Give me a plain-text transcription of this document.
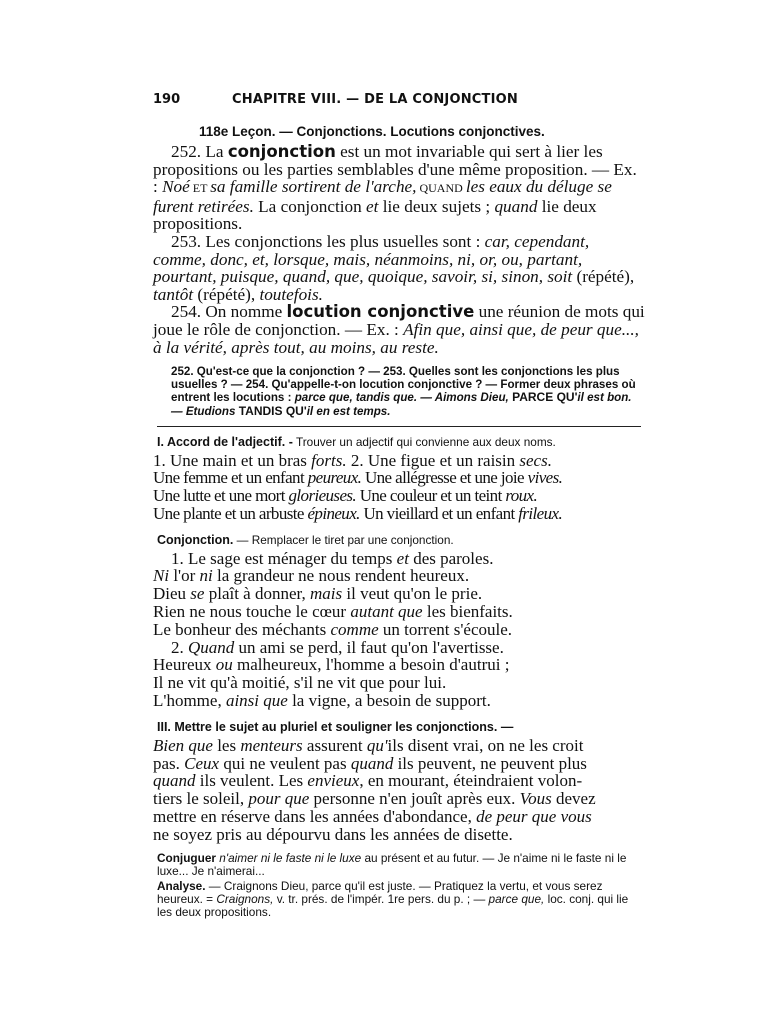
190	CHAPITRE VIII. — DE LA CONJONCTION
118e Leçon. — Conjonctions. Locutions conjonctives.

252. La conjonction est un mot invariable qui sert à lier les propositions ou les parties semblables d'une même proposition. — Ex. : Noé ET sa famille sortirent de l'arche, QUAND les eaux du déluge se furent retirées. La conjonction et lie deux sujets ; quand lie deux propositions.

253. Les conjonctions les plus usuelles sont : car, cependant, comme, donc, et, lorsque, mais, néanmoins, ni, or, ou, partant, pourtant, puisque, quand, que, quoique, savoir, si, sinon, soit (répété), tantôt (répété), toutefois.

254. On nomme locution conjonctive une réunion de mots qui joue le rôle de conjonction. — Ex. : Afin que, ainsi que, de peur que..., à la vérité, après tout, au moins, au reste.

252. Qu'est-ce que la conjonction ? — 253. Quelles sont les conjonctions les plus usuelles ? — 254. Qu'appelle-t-on locution conjonctive ? — Former deux phrases où entrent les locutions : parce que, tandis que. — Aimons Dieu, PARCE QU'il est bon. — Etudions TANDIS QU'il en est temps.

I. Accord de l'adjectif. - Trouver un adjectif qui convienne aux deux noms.
1. Une main et un bras forts. 2. Une figue et un raisin secs.
Une femme et un enfant peureux. Une allégresse et une joie vives.
Une lutte et une mort glorieuses. Une couleur et un teint roux.
Une plante et un arbuste épineux. Un vieillard et un enfant frileux.
Conjonction. — Remplacer le tiret par une conjonction.
1. Le sage est ménager du temps et des paroles.
Ni l'or ni la grandeur ne nous rendent heureux.
Dieu se plaît à donner, mais il veut qu'on le prie.
Rien ne nous touche le cœur autant que les bienfaits.
Le bonheur des méchants comme un torrent s'écoule.
2. Quand un ami se perd, il faut qu'on l'avertisse.
Heureux ou malheureux, l'homme a besoin d'autrui ;
Il ne vit qu'à moitié, s'il ne vit que pour lui.
L'homme, ainsi que la vigne, a besoin de support.
III. Mettre le sujet au pluriel et souligner les conjonctions. —
Bien que les menteurs assurent qu'ils disent vrai, on ne les croit
pas. Ceux qui ne veulent pas quand ils peuvent, ne peuvent plus
quand ils veulent. Les envieux, en mourant, éteindraient volon-
tiers le soleil, pour que personne n'en jouît après eux. Vous devez
mettre en réserve dans les années d'abondance, de peur que vous
ne soyez pris au dépourvu dans les années de disette.

Conjuguer n'aimer ni le faste ni le luxe au présent et au futur. — Je n'aime ni le faste ni le luxe... Je n'aimerai...

Analyse. — Craignons Dieu, parce qu'il est juste. — Pratiquez la vertu, et vous serez heureux. = Craignons, v. tr. prés. de l'impér. 1re pers. du p. ; — parce que, loc. conj. qui lie les deux propositions.
